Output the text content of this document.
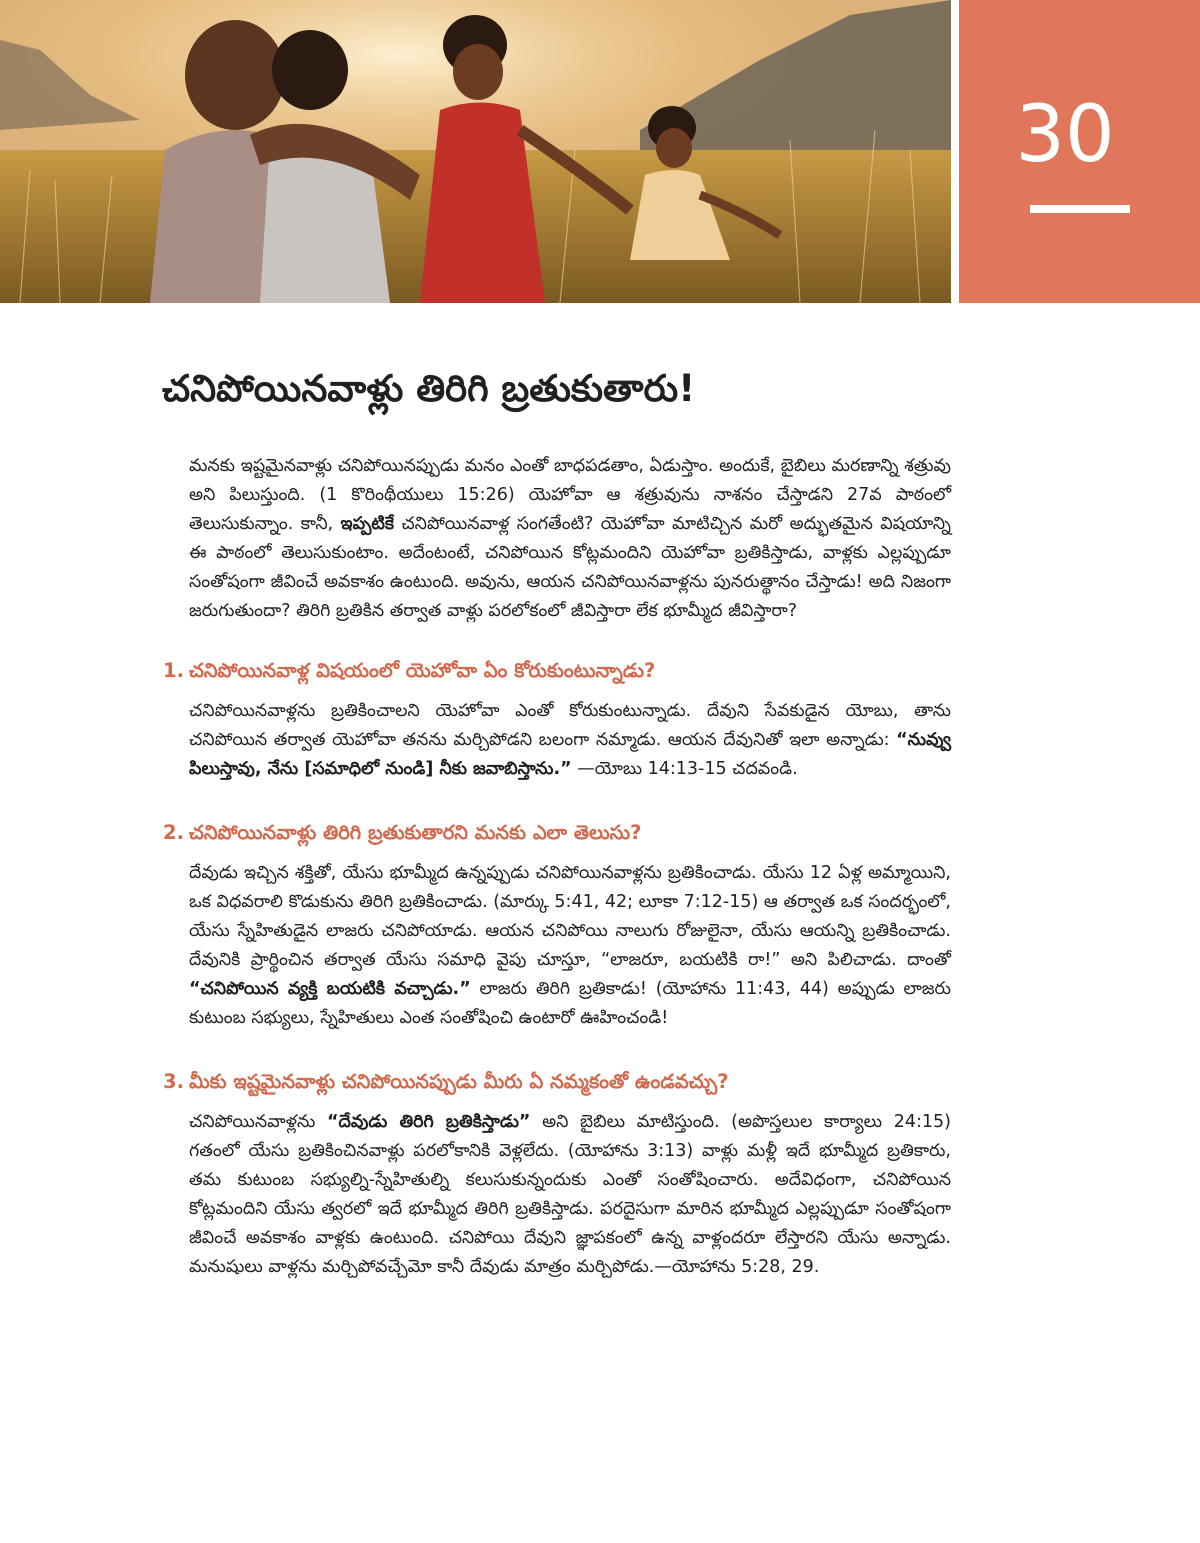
30
చనిపోయినవాళ్లు తిరిగి బ్రతుకుతారు!

మనకు ఇష్టమైనవాళ్లు చనిపోయినప్పుడు మనం ఎంతో బాధపడతాం, ఏడుస్తాం. అందుకే, బైబిలు మరణాన్ని శత్రువు అని పిలుస్తుంది. (1 కొరింథీయులు 15:26) యెహోవా ఆ శత్రువును నాశనం చేస్తాడని 27వ పాఠంలో తెలుసుకున్నాం. కానీ, ఇప్పటికే చనిపోయినవాళ్ల సంగతేంటి? యెహోవా మాటిచ్చిన మరో అద్భుతమైన విషయాన్ని ఈ పాఠంలో తెలుసుకుంటాం. అదేంటంటే, చనిపోయిన కోట్లమందిని యెహోవా బ్రతికిస్తాడు, వాళ్లకు ఎల్లప్పుడూ సంతోషంగా జీవించే అవకాశం ఉంటుంది. అవును, ఆయన చనిపోయినవాళ్లను పునరుత్థానం చేస్తాడు! అది నిజంగా జరుగుతుందా? తిరిగి బ్రతికిన తర్వాత వాళ్లు పరలోకంలో జీవిస్తారా లేక భూమ్మీద జీవిస్తారా?

1. చనిపోయినవాళ్ల విషయంలో యెహోవా ఏం కోరుకుంటున్నాడు?

చనిపోయినవాళ్లను బ్రతికించాలని యెహోవా ఎంతో కోరుకుంటున్నాడు. దేవుని సేవకుడైన యోబు, తాను చనిపోయిన తర్వాత యెహోవా తనను మర్చిపోడని బలంగా నమ్మాడు. ఆయన దేవునితో ఇలా అన్నాడు: “నువ్వు పిలుస్తావు, నేను [సమాధిలో నుండి] నీకు జవాబిస్తాను.” —యోబు 14:13-15 చదవండి.

2. చనిపోయినవాళ్లు తిరిగి బ్రతుకుతారని మనకు ఎలా తెలుసు?

దేవుడు ఇచ్చిన శక్తితో, యేసు భూమ్మీద ఉన్నప్పుడు చనిపోయినవాళ్లను బ్రతికించాడు. యేసు 12 ఏళ్ల అమ్మాయిని, ఒక విధవరాలి కొడుకును తిరిగి బ్రతికించాడు. (మార్కు 5:41, 42; లూకా 7:12-15) ఆ తర్వాత ఒక సందర్భంలో, యేసు స్నేహితుడైన లాజరు చనిపోయాడు. ఆయన చనిపోయి నాలుగు రోజులైనా, యేసు ఆయన్ని బ్రతికించాడు. దేవునికి ప్రార్థించిన తర్వాత యేసు సమాధి వైపు చూస్తూ, “లాజరూ, బయటికి రా!” అని పిలిచాడు. దాంతో “చనిపోయిన వ్యక్తి బయటికి వచ్చాడు.” లాజరు తిరిగి బ్రతికాడు! (యోహాను 11:43, 44) అప్పుడు లాజరు కుటుంబ సభ్యులు, స్నేహితులు ఎంత సంతోషించి ఉంటారో ఊహించండి!

3. మీకు ఇష్టమైనవాళ్లు చనిపోయినప్పుడు మీరు ఏ నమ్మకంతో ఉండవచ్చు?

చనిపోయినవాళ్లను “దేవుడు తిరిగి బ్రతికిస్తాడు” అని బైబిలు మాటిస్తుంది. (అపొస్తలుల కార్యాలు 24:15) గతంలో యేసు బ్రతికించినవాళ్లు పరలోకానికి వెళ్లలేదు. (యోహాను 3:13) వాళ్లు మళ్లీ ఇదే భూమ్మీద బ్రతికారు, తమ కుటుంబ సభ్యుల్ని-స్నేహితుల్ని కలుసుకున్నందుకు ఎంతో సంతోషించారు. అదేవిధంగా, చనిపోయిన కోట్లమందిని యేసు త్వరలో ఇదే భూమ్మీద తిరిగి బ్రతికిస్తాడు. పరదైసుగా మారిన భూమ్మీద ఎల్లప్పుడూ సంతోషంగా జీవించే అవకాశం వాళ్లకు ఉంటుంది. చనిపోయి దేవుని జ్ఞాపకంలో ఉన్న వాళ్లందరూ లేస్తారని యేసు అన్నాడు. మనుషులు వాళ్లను మర్చిపోవచ్చేమో కానీ దేవుడు మాత్రం మర్చిపోడు.—యోహాను 5:28, 29.
